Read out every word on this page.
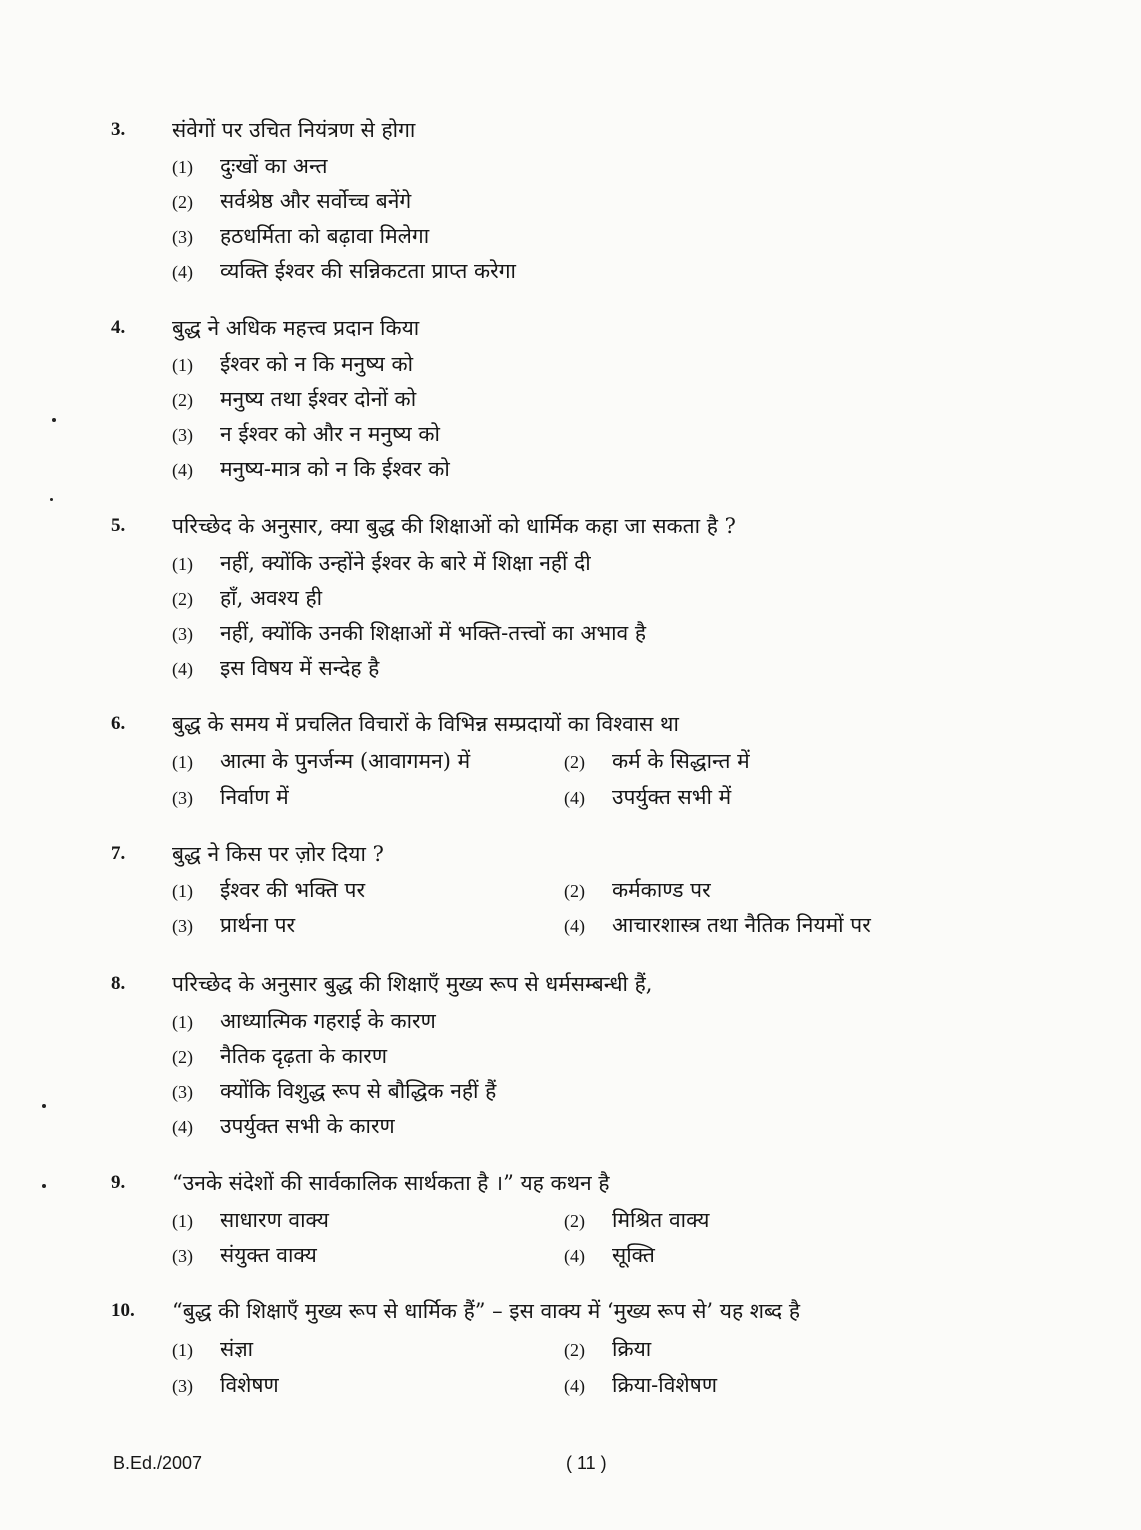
3. संवेगों पर उचित नियंत्रण से होगा
(1) दुःखों का अन्त
(2) सर्वश्रेष्ठ और सर्वोच्च बनेंगे
(3) हठधर्मिता को बढ़ावा मिलेगा
(4) व्यक्ति ईश्वर की सन्निकटता प्राप्त करेगा
4. बुद्ध ने अधिक महत्त्व प्रदान किया
(1) ईश्वर को न कि मनुष्य को
(2) मनुष्य तथा ईश्वर दोनों को
(3) न ईश्वर को और न मनुष्य को
(4) मनुष्य-मात्र को न कि ईश्वर को
5. परिच्छेद के अनुसार, क्या बुद्ध की शिक्षाओं को धार्मिक कहा जा सकता है ?
(1) नहीं, क्योंकि उन्होंने ईश्वर के बारे में शिक्षा नहीं दी
(2) हाँ, अवश्य ही
(3) नहीं, क्योंकि उनकी शिक्षाओं में भक्ति-तत्त्वों का अभाव है
(4) इस विषय में सन्देह है
6. बुद्ध के समय में प्रचलित विचारों के विभिन्न सम्प्रदायों का विश्वास था
(1) आत्मा के पुनर्जन्म (आवागमन) में	(2) कर्म के सिद्धान्त में
(3) निर्वाण में	(4) उपर्युक्त सभी में
7. बुद्ध ने किस पर ज़ोर दिया ?
(1) ईश्वर की भक्ति पर	(2) कर्मकाण्ड पर
(3) प्रार्थना पर	(4) आचारशास्त्र तथा नैतिक नियमों पर
8. परिच्छेद के अनुसार बुद्ध की शिक्षाएँ मुख्य रूप से धर्मसम्बन्धी हैं,
(1) आध्यात्मिक गहराई के कारण
(2) नैतिक दृढ़ता के कारण
(3) क्योंकि विशुद्ध रूप से बौद्धिक नहीं हैं
(4) उपर्युक्त सभी के कारण
9. “उनके संदेशों की सार्वकालिक सार्थकता है ।” यह कथन है
(1) साधारण वाक्य	(2) मिश्रित वाक्य
(3) संयुक्त वाक्य	(4) सूक्ति
10. “बुद्ध की शिक्षाएँ मुख्य रूप से धार्मिक हैं” – इस वाक्य में ‘मुख्य रूप से’ यह शब्द है
(1) संज्ञा	(2) क्रिया
(3) विशेषण	(4) क्रिया-विशेषण
B.Ed./2007	( 11 )
